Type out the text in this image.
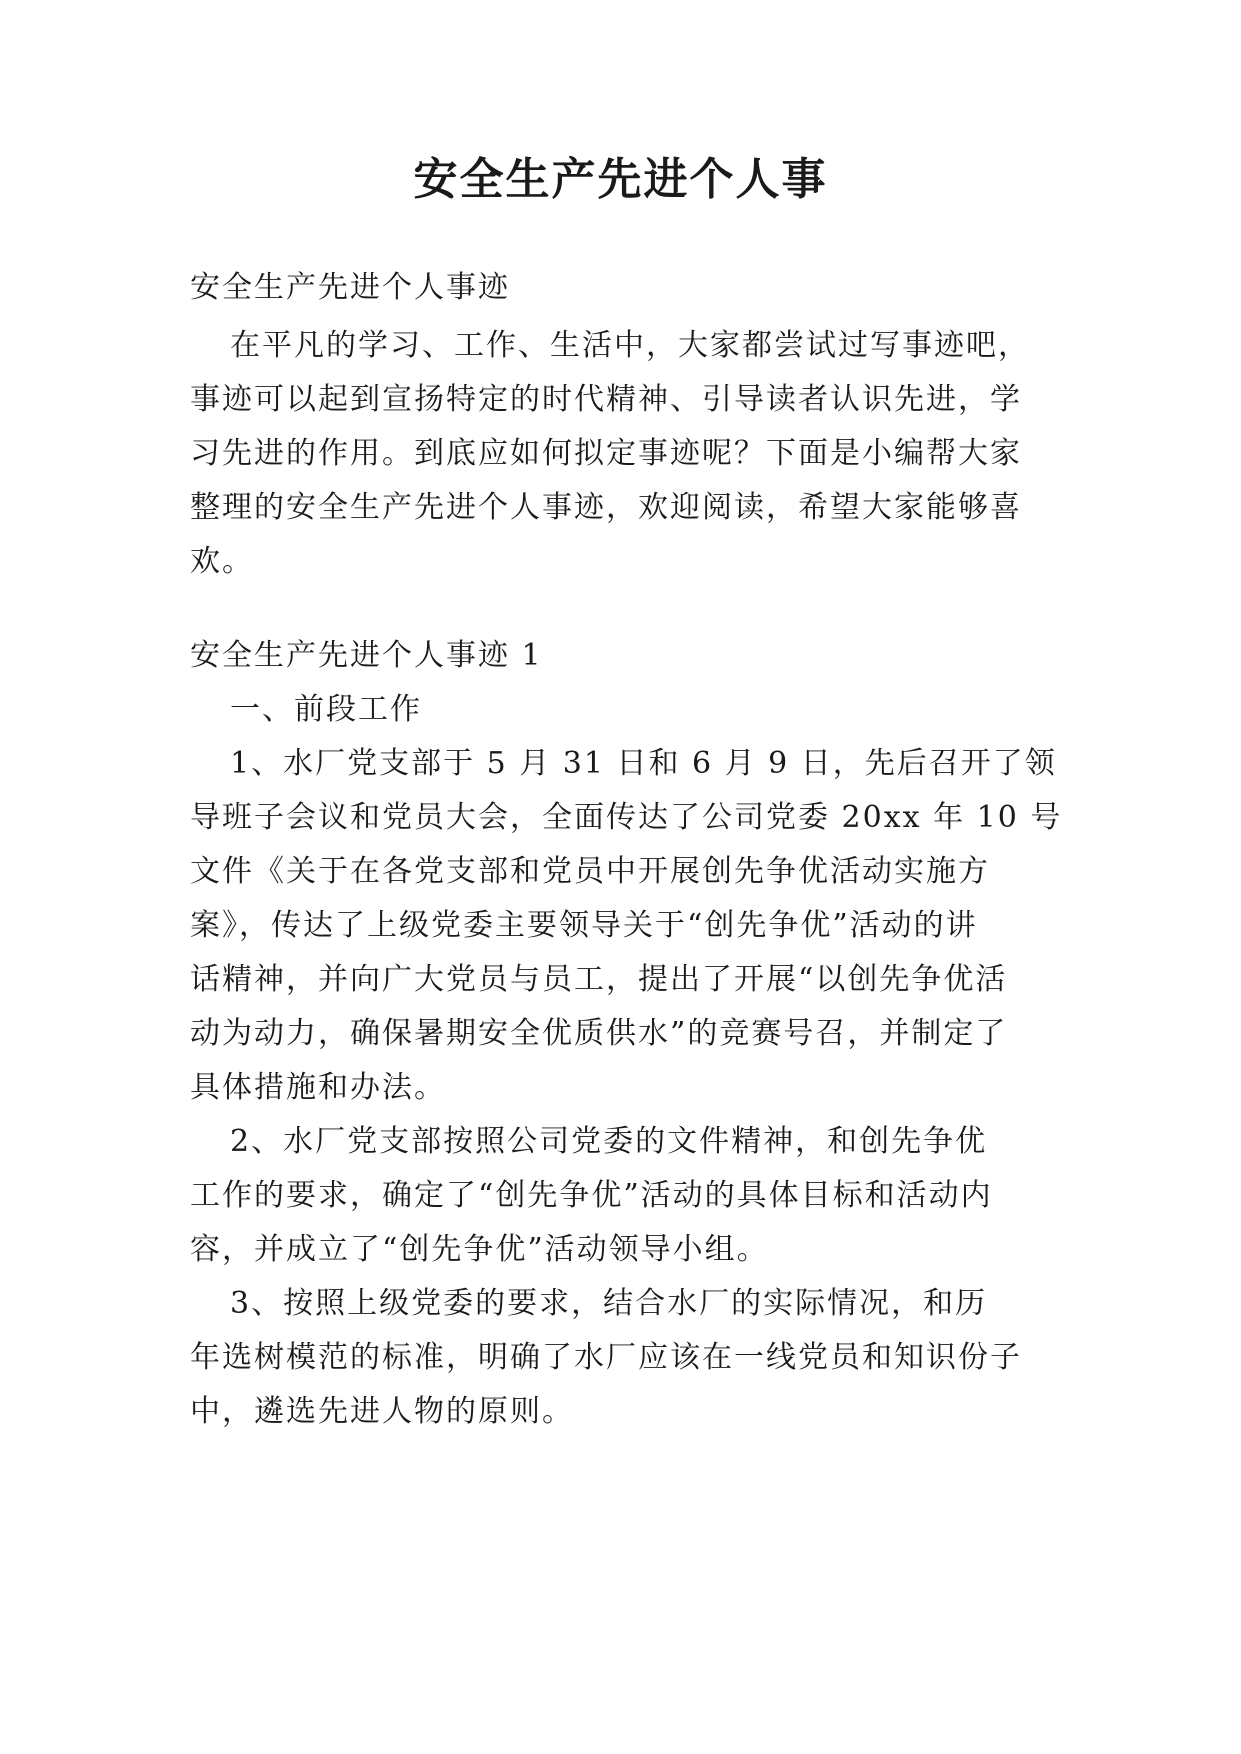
安全生产先进个人事
安全生产先进个人事迹
在平凡的学习、工作、生活中，大家都尝试过写事迹吧，
事迹可以起到宣扬特定的时代精神、引导读者认识先进，学
习先进的作用。到底应如何拟定事迹呢？下面是小编帮大家
整理的安全生产先进个人事迹，欢迎阅读，希望大家能够喜
欢。
安全生产先进个人事迹 1
一、前段工作
1、水厂党支部于 5 月 31 日和 6 月 9 日，先后召开了领
导班子会议和党员大会，全面传达了公司党委 20xx 年 10 号
文件《关于在各党支部和党员中开展创先争优活动实施方
案》，传达了上级党委主要领导关于“创先争优”活动的讲
话精神，并向广大党员与员工，提出了开展“以创先争优活
动为动力，确保暑期安全优质供水”的竞赛号召，并制定了
具体措施和办法。
2、水厂党支部按照公司党委的文件精神，和创先争优
工作的要求，确定了“创先争优”活动的具体目标和活动内
容，并成立了“创先争优”活动领导小组。
3、按照上级党委的要求，结合水厂的实际情况，和历
年选树模范的标准，明确了水厂应该在一线党员和知识份子
中，遴选先进人物的原则。
